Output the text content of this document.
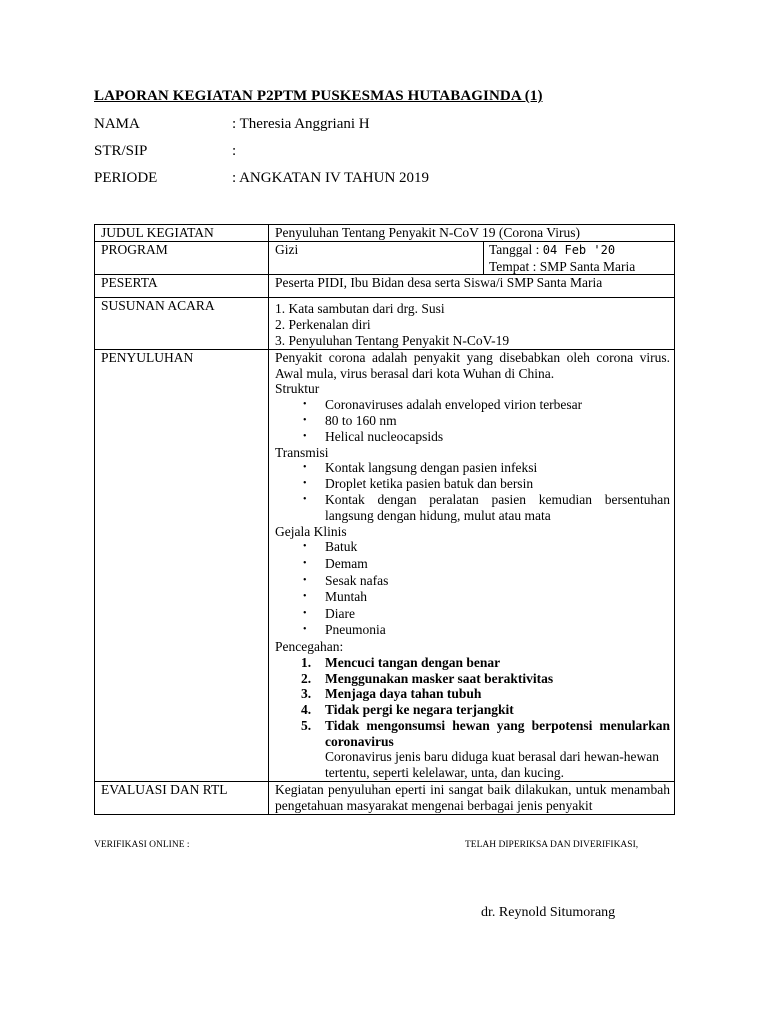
LAPORAN KEGIATAN P2PTM PUSKESMAS HUTABAGINDA (1)
NAMA	: Theresia Anggriani H
STR/SIP	:
PERIODE	: ANGKATAN IV TAHUN 2019
JUDUL KEGIATAN	Penyuluhan Tentang Penyakit N-CoV 19 (Corona Virus)
PROGRAM		Gizi	Tanggal : 04 Feb '20
Tempat : SMP Santa Maria

PESERTA	Peserta PIDI, Ibu Bidan desa serta Siswa/i SMP Santa Maria
SUSUNAN ACARA	1. Kata sambutan dari drg. Susi
2. Perkenalan diri
3. Penyuluhan Tentang Penyakit N-CoV-19

PENYULUHAN	Penyakit corona adalah penyakit yang disebabkan oleh corona virus. Awal mula, virus berasal dari kota Wuhan di China.
Struktur
• Coronaviruses adalah enveloped virion terbesar
• 80 to 160 nm
• Helical nucleocapsids
Transmisi
• Kontak langsung dengan pasien infeksi
• Droplet ketika pasien batuk dan bersin
• Kontak dengan peralatan pasien kemudian bersentuhan langsung dengan hidung, mulut atau mata
Gejala Klinis
• Batuk
• Demam
• Sesak nafas
• Muntah
• Diare
• Pneumonia
Pencegahan:
1. Mencuci tangan dengan benar
2. Menggunakan masker saat beraktivitas
3. Menjaga daya tahan tubuh
4. Tidak pergi ke negara terjangkit
5. Tidak mengonsumsi hewan yang berpotensi menularkan coronavirus
Coronavirus jenis baru diduga kuat berasal dari hewan-hewan tertentu, seperti kelelawar, unta, dan kucing.

EVALUASI DAN RTL	Kegiatan penyuluhan eperti ini sangat baik dilakukan, untuk menambah pengetahuan masyarakat mengenai berbagai jenis penyakit
VERIFIKASI ONLINE :	TELAH DIPERIKSA DAN DIVERIFIKASI,
dr. Reynold Situmorang
